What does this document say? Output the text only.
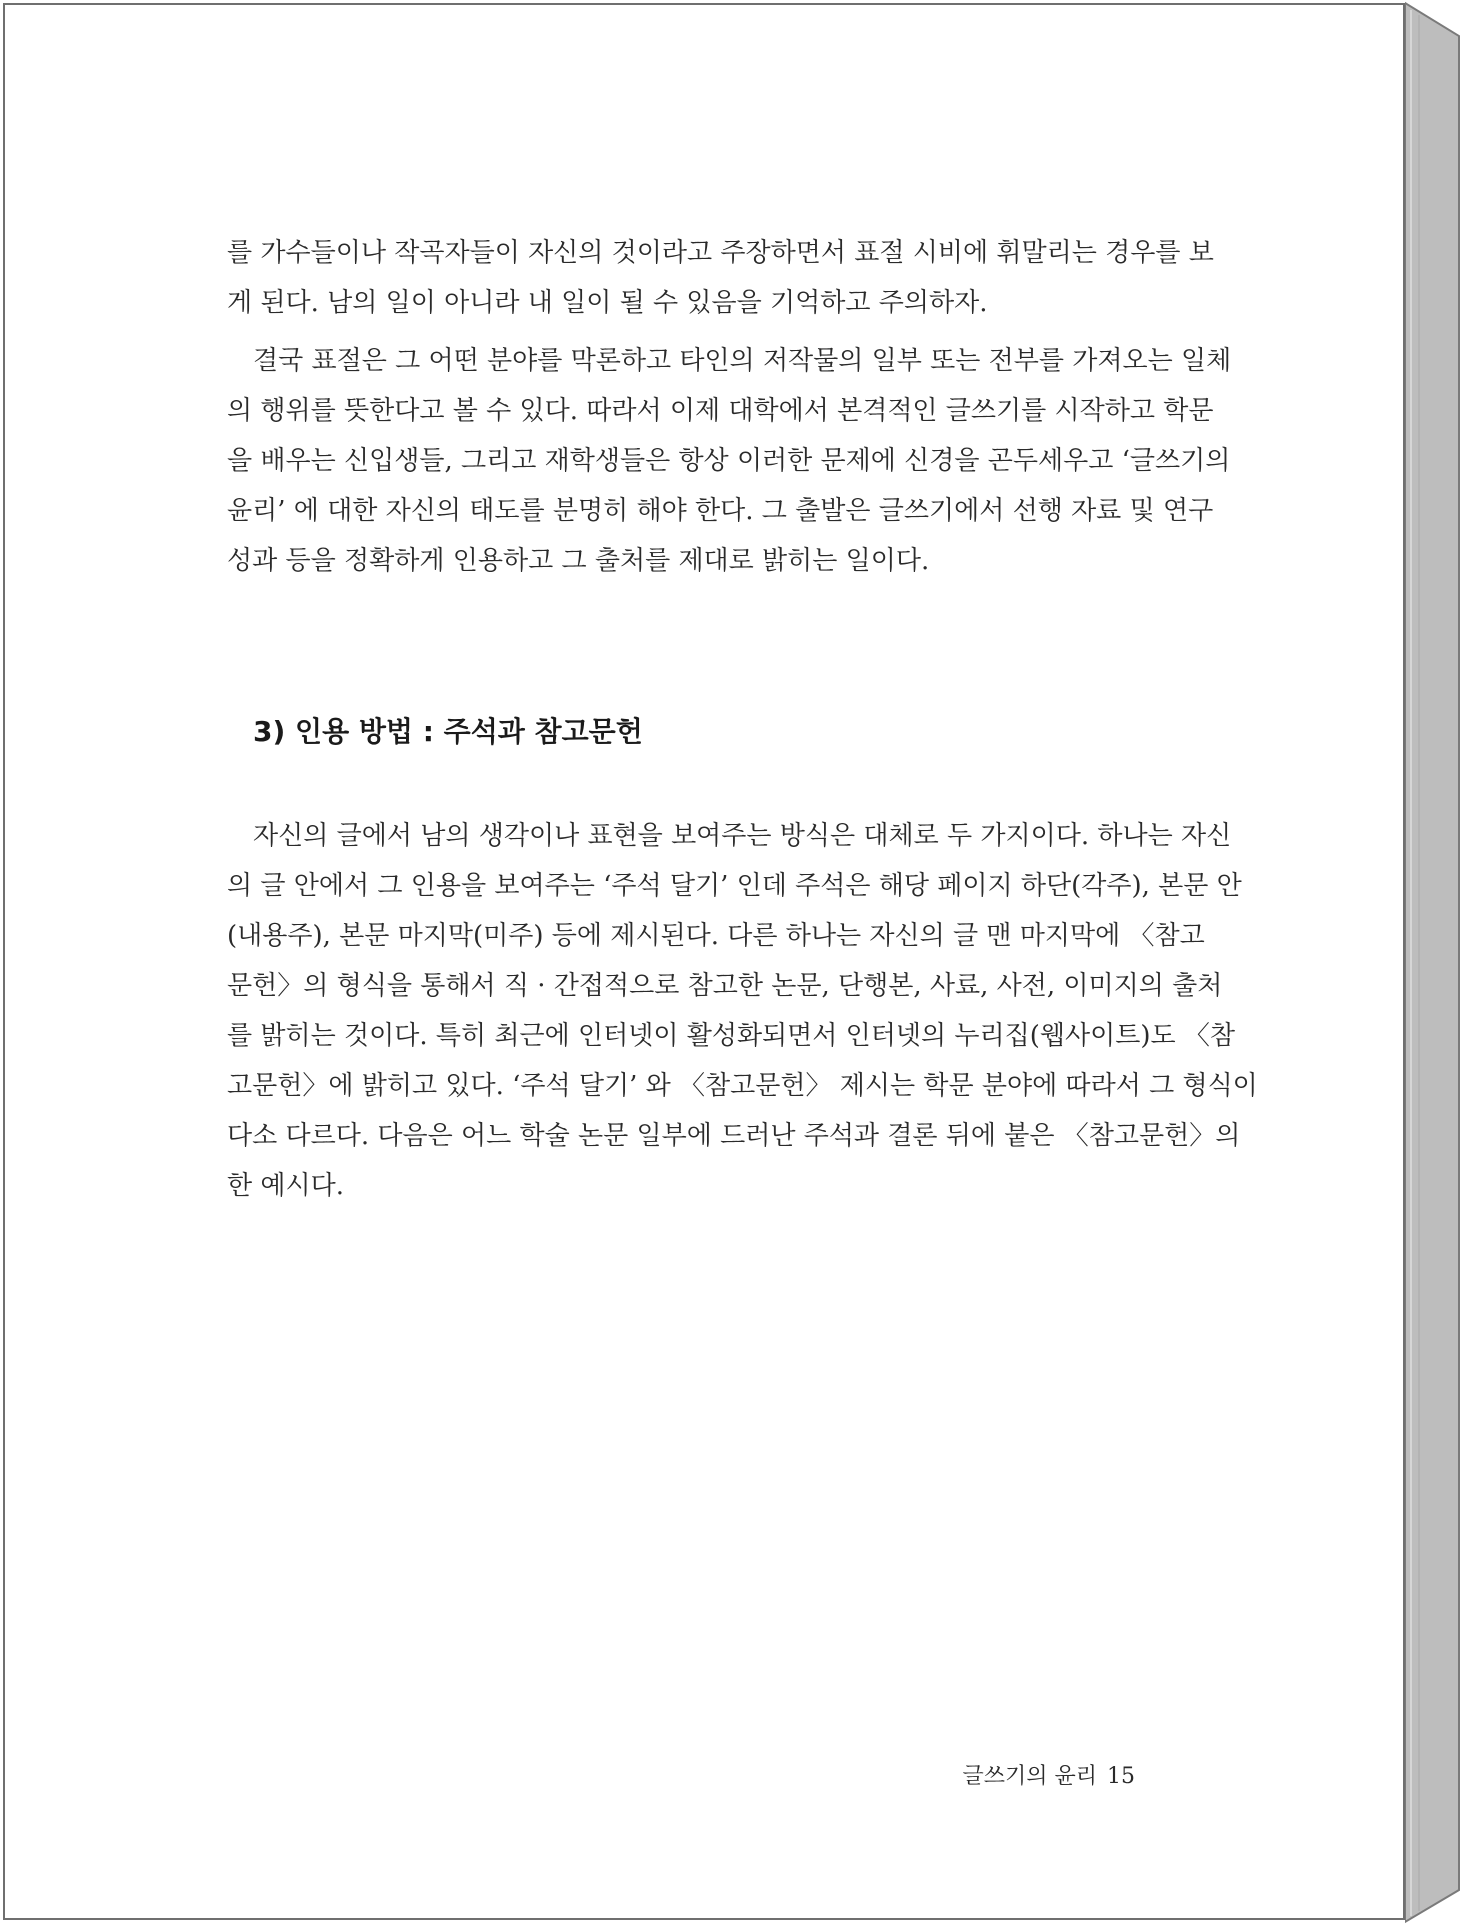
를 가수들이나 작곡자들이 자신의 것이라고 주장하면서 표절 시비에 휘말리는 경우를 보
게 된다. 남의 일이 아니라 내 일이 될 수 있음을 기억하고 주의하자.
결국 표절은 그 어떤 분야를 막론하고 타인의 저작물의 일부 또는 전부를 가져오는 일체
의 행위를 뜻한다고 볼 수 있다. 따라서 이제 대학에서 본격적인 글쓰기를 시작하고 학문
을 배우는 신입생들, 그리고 재학생들은 항상 이러한 문제에 신경을 곤두세우고 ‘글쓰기의
윤리’ 에 대한 자신의 태도를 분명히 해야 한다. 그 출발은 글쓰기에서 선행 자료 및 연구
성과 등을 정확하게 인용하고 그 출처를 제대로 밝히는 일이다.
3) 인용 방법 : 주석과 참고문헌
자신의 글에서 남의 생각이나 표현을 보여주는 방식은 대체로 두 가지이다. 하나는 자신
의 글 안에서 그 인용을 보여주는 ‘주석 달기’ 인데 주석은 해당 페이지 하단(각주), 본문 안
(내용주), 본문 마지막(미주) 등에 제시된다. 다른 하나는 자신의 글 맨 마지막에 〈참고
문헌〉의 형식을 통해서 직 · 간접적으로 참고한 논문, 단행본, 사료, 사전, 이미지의 출처
를 밝히는 것이다. 특히 최근에 인터넷이 활성화되면서 인터넷의 누리집(웹사이트)도 〈참
고문헌〉에 밝히고 있다. ‘주석 달기’ 와 〈참고문헌〉 제시는 학문 분야에 따라서 그 형식이
다소 다르다. 다음은 어느 학술 논문 일부에 드러난 주석과 결론 뒤에 붙은 〈참고문헌〉의
한 예시다.
글쓰기의 윤리 15
